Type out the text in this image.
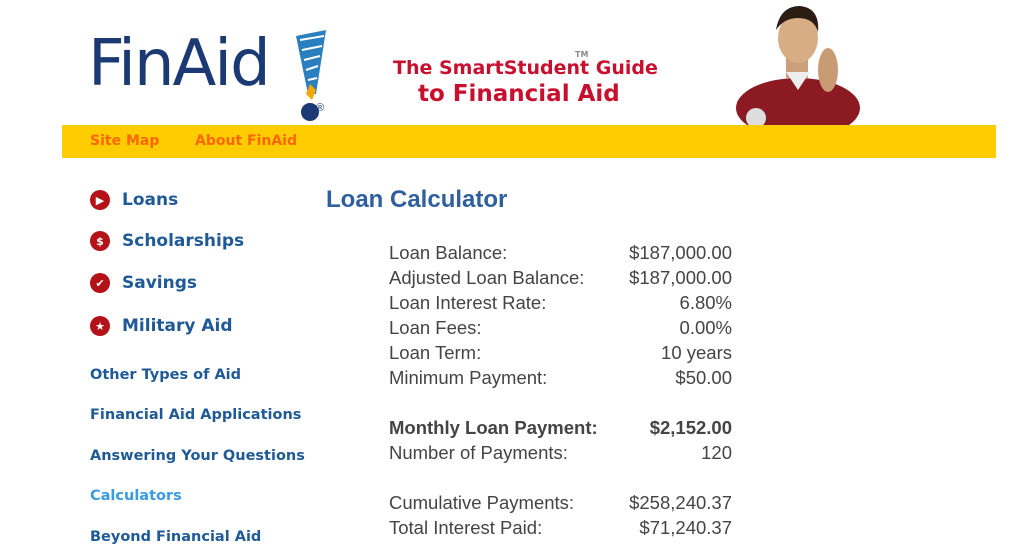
FinAid
®
TM
The SmartStudent Guide
to Financial Aid
Site Map	About FinAid
▶	Loans
$	Scholarships
✔	Savings
★ Military Aid
Other Types of Aid
Financial Aid Applications
Answering Your Questions
Calculators
Beyond Financial Aid
Loan Calculator
Loan Balance:	$187,000.00
Adjusted Loan Balance: $187,000.00
Loan Interest Rate:	6.80%
Loan Fees:	0.00%
Loan Term:	10 years
Minimum Payment:	$50.00
Monthly Loan Payment:	$2,152.00
Number of Payments:	120
Cumulative Payments:	$258,240.37
Total Interest Paid:	$71,240.37
